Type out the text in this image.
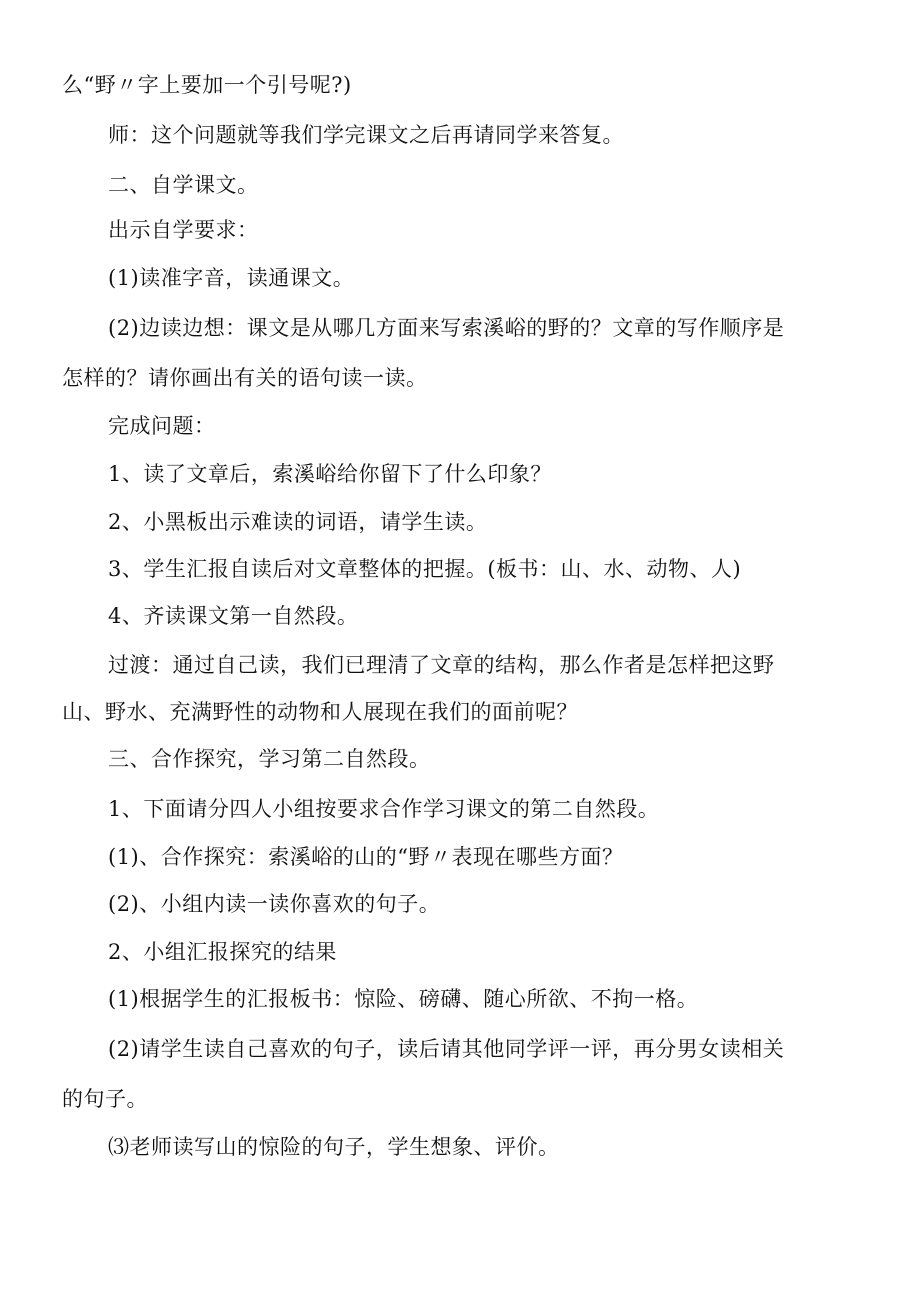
么“野〃字上要加一个引号呢?)
师：这个问题就等我们学完课文之后再请同学来答复。
二、自学课文。
出示自学要求：
(1)读准字音，读通课文。
(2)边读边想：课文是从哪几方面来写索溪峪的野的？文章的写作顺序是
怎样的？请你画出有关的语句读一读。
完成问题：
1、读了文章后，索溪峪给你留下了什么印象？
2、小黑板出示难读的词语，请学生读。
3、学生汇报自读后对文章整体的把握。(板书：山、水、动物、人)
4、齐读课文第一自然段。
过渡：通过自己读，我们已理清了文章的结构，那么作者是怎样把这野
山、野水、充满野性的动物和人展现在我们的面前呢？
三、合作探究，学习第二自然段。
1、下面请分四人小组按要求合作学习课文的第二自然段。
(1)、合作探究：索溪峪的山的“野〃表现在哪些方面？
(2)、小组内读一读你喜欢的句子。
2、小组汇报探究的结果
(1)根据学生的汇报板书：惊险、磅礴、随心所欲、不拘一格。
(2)请学生读自己喜欢的句子，读后请其他同学评一评，再分男女读相关
的句子。
⑶老师读写山的惊险的句子，学生想象、评价。
